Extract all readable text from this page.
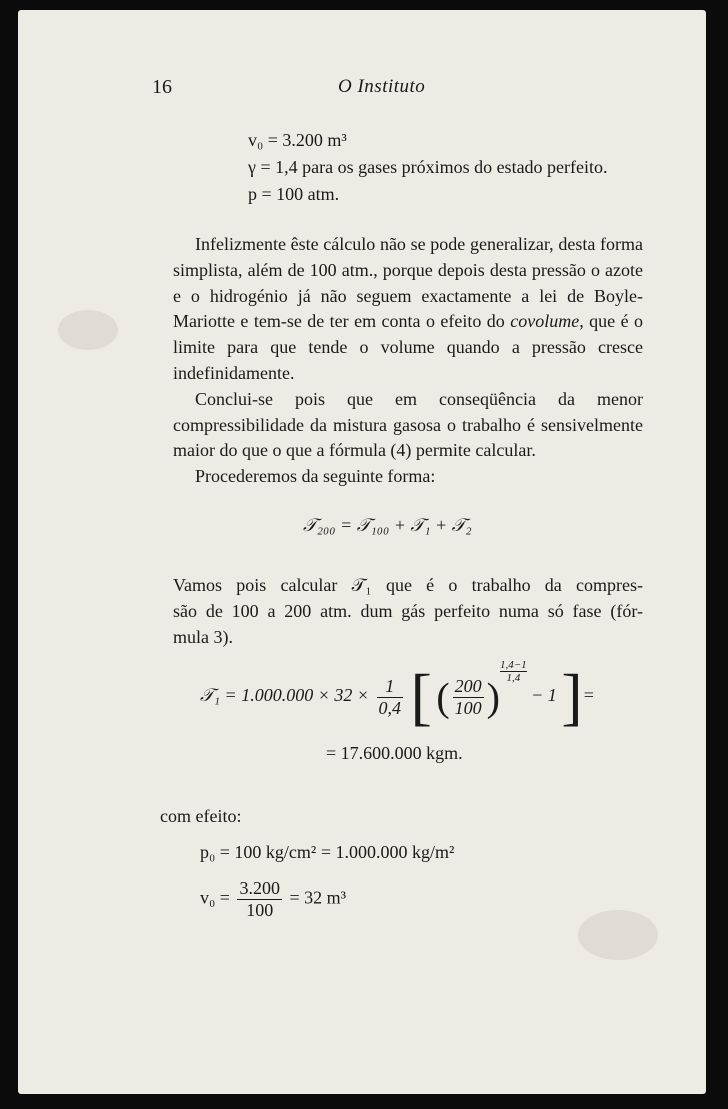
16	O Instituto
v₀ = 3.200 m³
γ = 1,4 para os gases próximos do estado perfeito.
p = 100 atm.

Infelizmente êste cálculo não se pode generalizar, desta forma simplista, além de 100 atm., porque depois desta pressão o azote e o hidrogénio já não seguem exactamente a lei de Boyle-Mariotte e tem-se de ter em conta o efeito do covolume, que é o limite para que tende o volume quando a pressão cresce indefinidamente.

Conclui-se pois que em conseqüência da menor compressibilidade da mistura gasosa o trabalho é sensivelmente maior do que o que a fórmula (4) permite calcular.

Procederemos da seguinte forma:

𝒯₂₀₀ = 𝒯₁₀₀ + 𝒯₁ + 𝒯₂
Vamos pois calcular 𝒯₁ que é o trabalho da compres-
são de 100 a 200 atm. dum gás perfeito numa só fase (fór-
mula 3).
𝒯₁ = $1.000.000 \times 32 \times \frac{1}{0,4}$ [ ( $\frac{200}{100}$ )
$\frac{1,4-1}{1,4} - 1$ ]=
= 17.600.000 kgm.
com efeito:
p₀ = 100 kg/cm² = 1.000.000 kg/m²
$v_0 = \frac{3.200}{100} = 32$ m³
